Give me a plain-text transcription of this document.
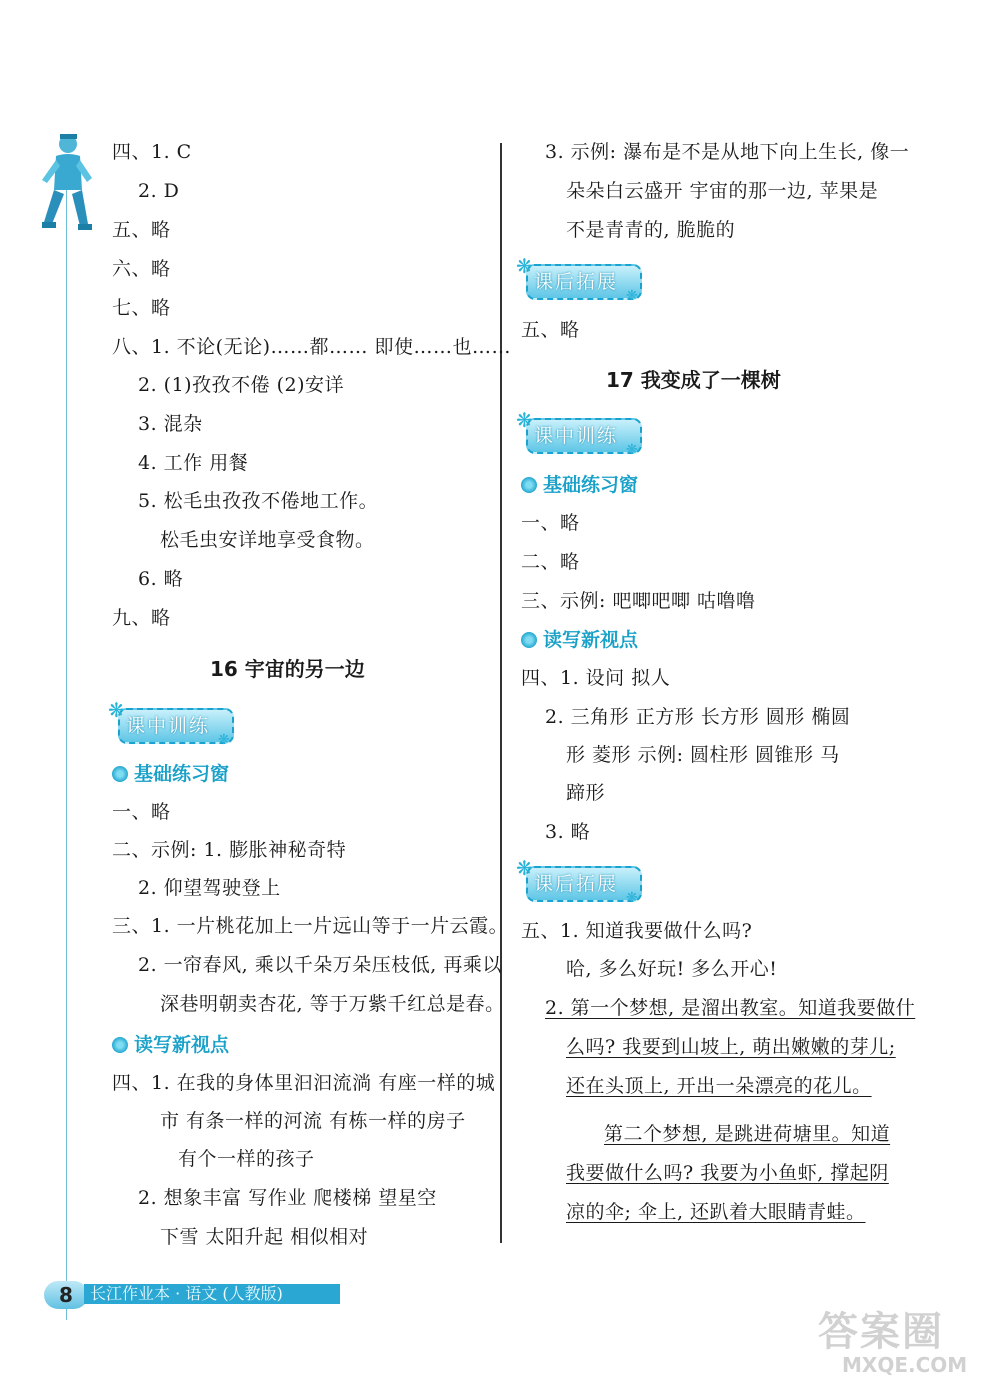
四、1. C
2. D
五、略
六、略
七、略
八、1. 不论(无论)……都…… 即使……也……
2. (1)孜孜不倦 (2)安详
3. 混杂
4. 工作 用餐
5. 松毛虫孜孜不倦地工作。
松毛虫安详地享受食物。
6. 略
九、略
16 宇宙的另一边
❋
❋
课中训练
基础练习窗
一、略
二、示例: 1. 膨胀神秘奇特
2. 仰望驾驶登上
三、1. 一片桃花加上一片远山等于一片云霞。
2. 一帘春风, 乘以千朵万朵压枝低, 再乘以
深巷明朝卖杏花, 等于万紫千红总是春。
读写新视点
四、1. 在我的身体里汩汩流淌 有座一样的城
市 有条一样的河流 有栋一样的房子
有个一样的孩子
2. 想象丰富 写作业 爬楼梯 望星空
下雪 太阳升起 相似相对
3. 示例: 瀑布是不是从地下向上生长, 像一
朵朵白云盛开 宇宙的那一边, 苹果是
不是青青的, 脆脆的
❋
❋
课后拓展
五、略
17 我变成了一棵树
❋
❋
课中训练
基础练习窗
一、略
二、略
三、示例: 吧唧吧唧 咕噜噜
读写新视点
四、1. 设问 拟人
2. 三角形 正方形 长方形 圆形 椭圆
形 菱形 示例: 圆柱形 圆锥形 马
蹄形
3. 略
❋
❋
课后拓展
五、1. 知道我要做什么吗?
哈, 多么好玩! 多么开心!
2. 第一个梦想, 是溜出教室。知道我要做什
么吗? 我要到山坡上, 萌出嫩嫩的芽儿;
还在头顶上, 开出一朵漂亮的花儿。
第二个梦想, 是跳进荷塘里。知道
我要做什么吗? 我要为小鱼虾, 撑起阴
凉的伞; 伞上, 还趴着大眼睛青蛙。
8	长江作业本 · 语文 (人教版)
答案圈
MXQE.COM
